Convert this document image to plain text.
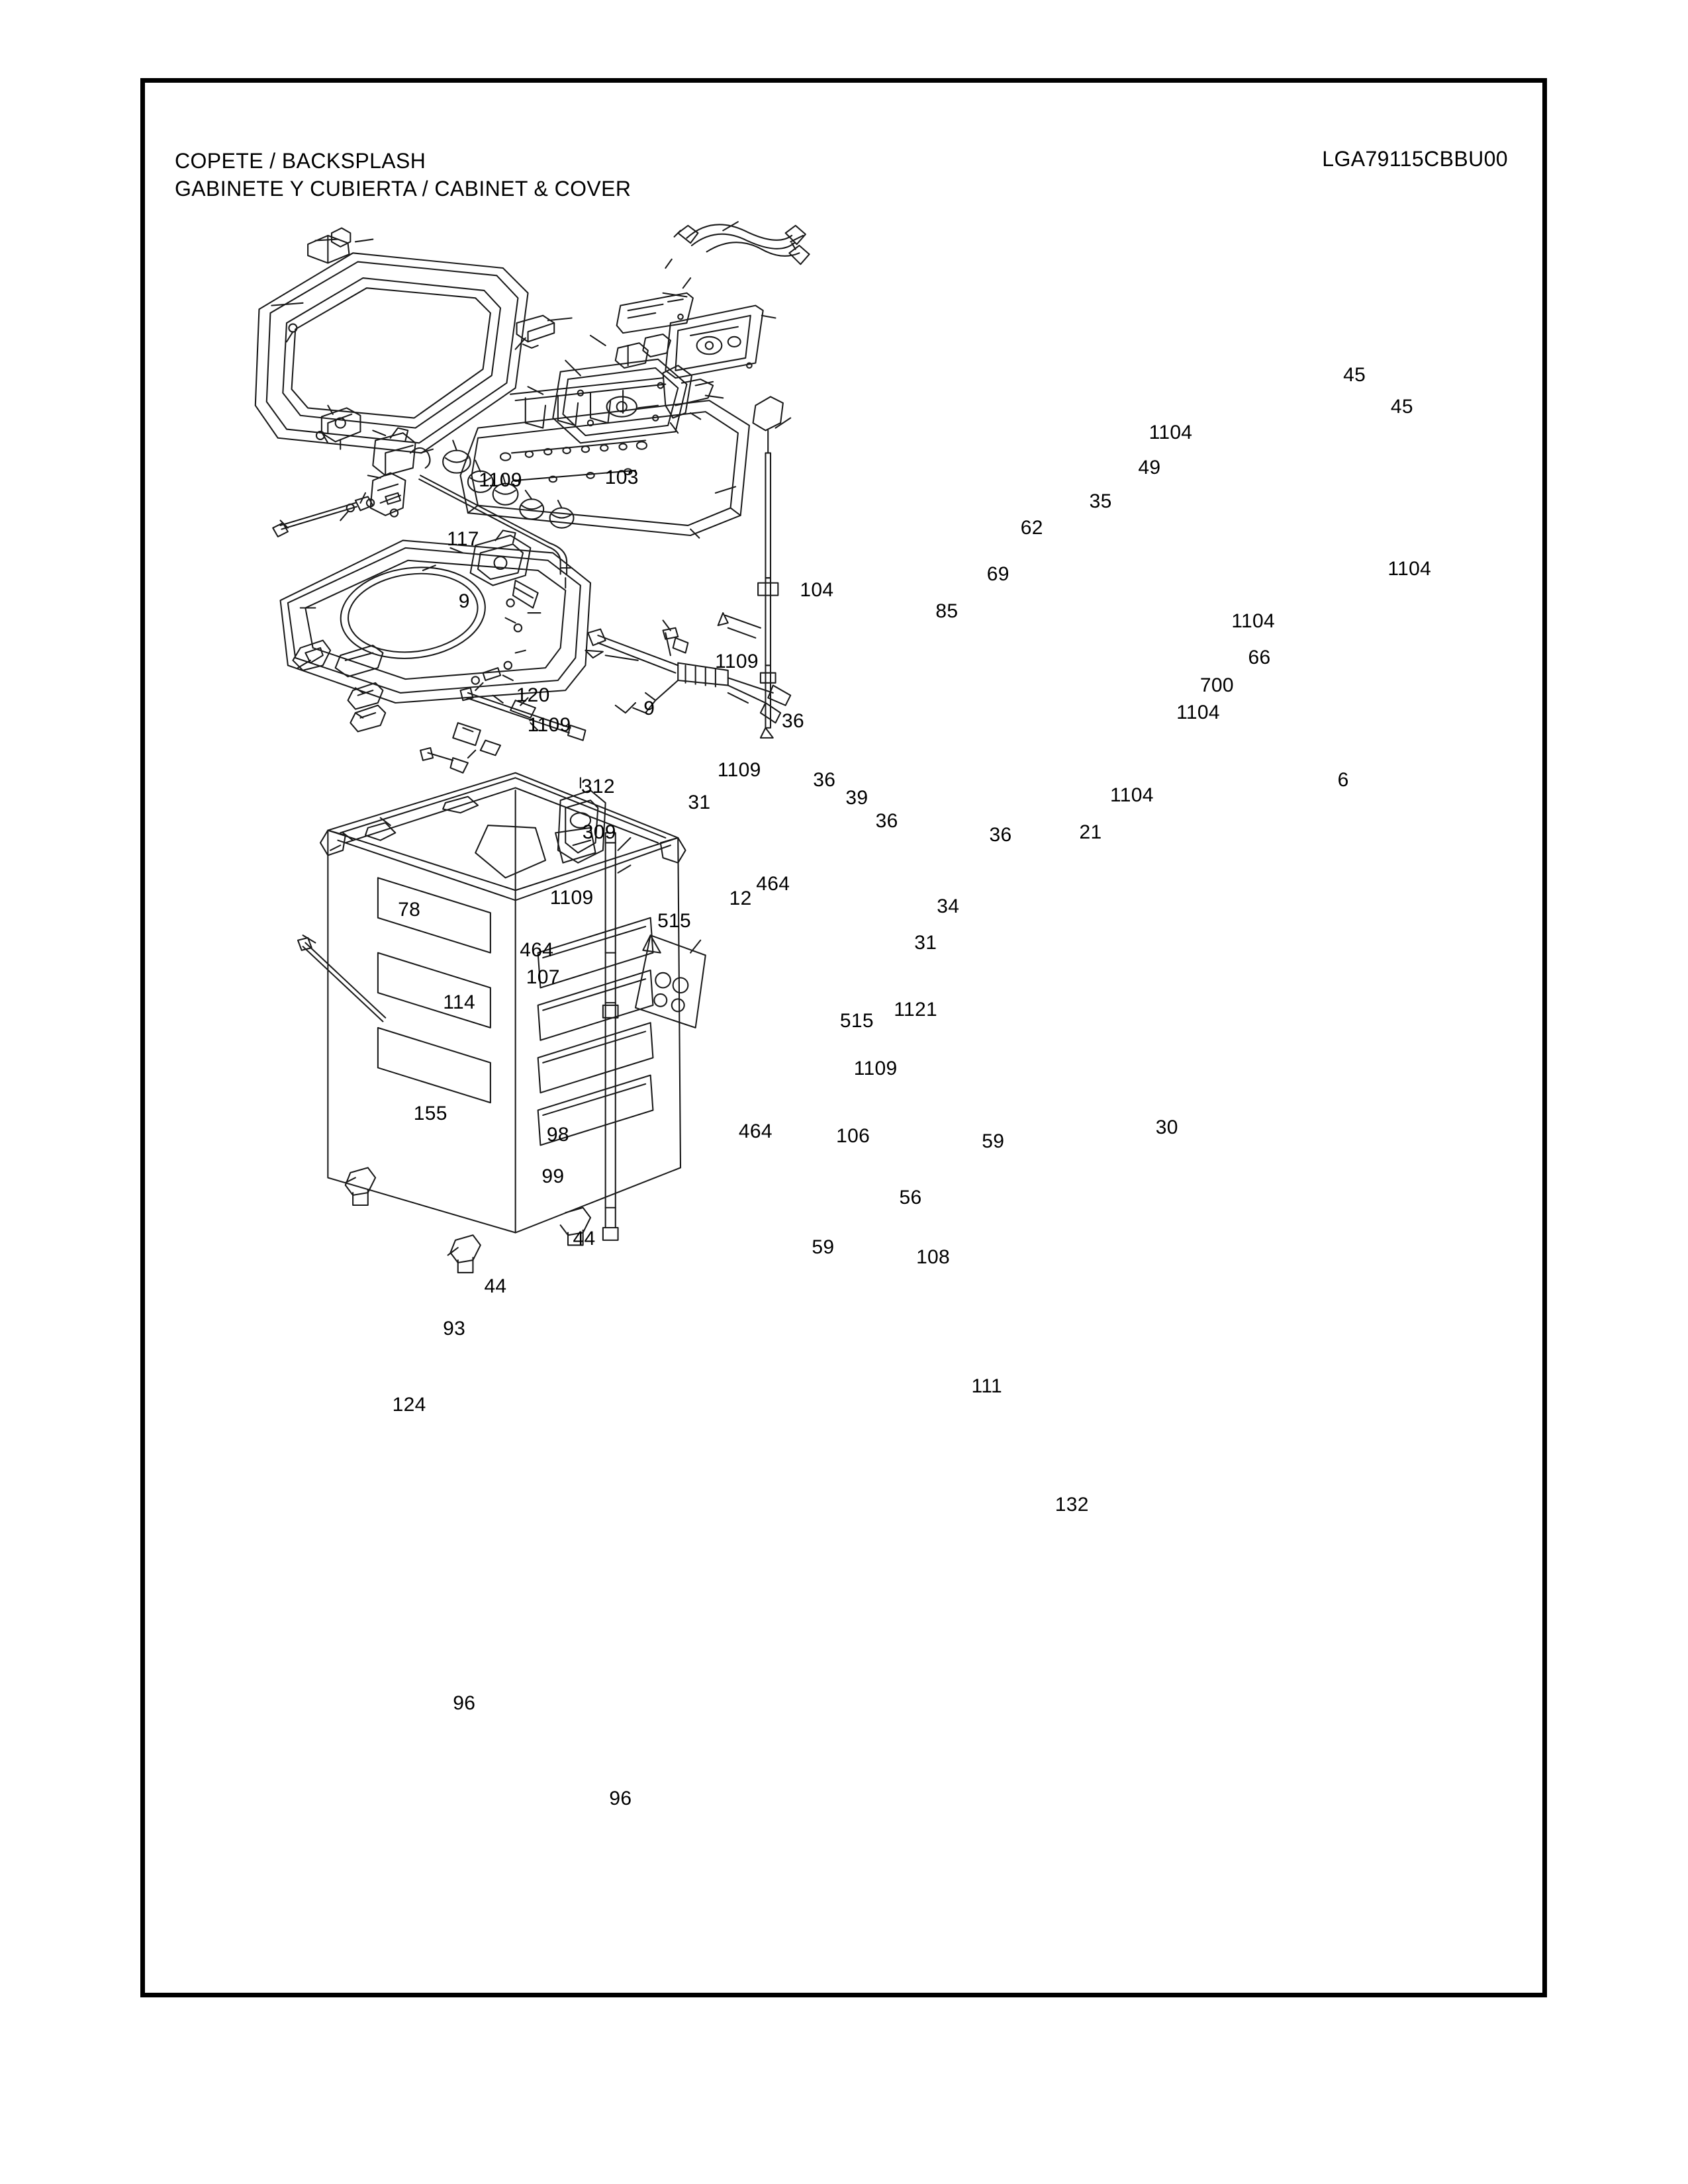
COPETE / BACKSPLASH
GABINETE Y CUBIERTA / CABINET & COVER
LGA79115CBBU00
1109	103
117
9
104
1109
120
9
1109
45
45
1104
49
35
1104
62
69
85	1104
66
700
1104
36
36
39
36
36
1104
21
1109
312
31
309
464
34
31
78
1109	12
515
464
107
114
515
1121
1109
155
464	106
98
99
59
56
59
30
6
44
44
93
124
108
111
132
96
96
